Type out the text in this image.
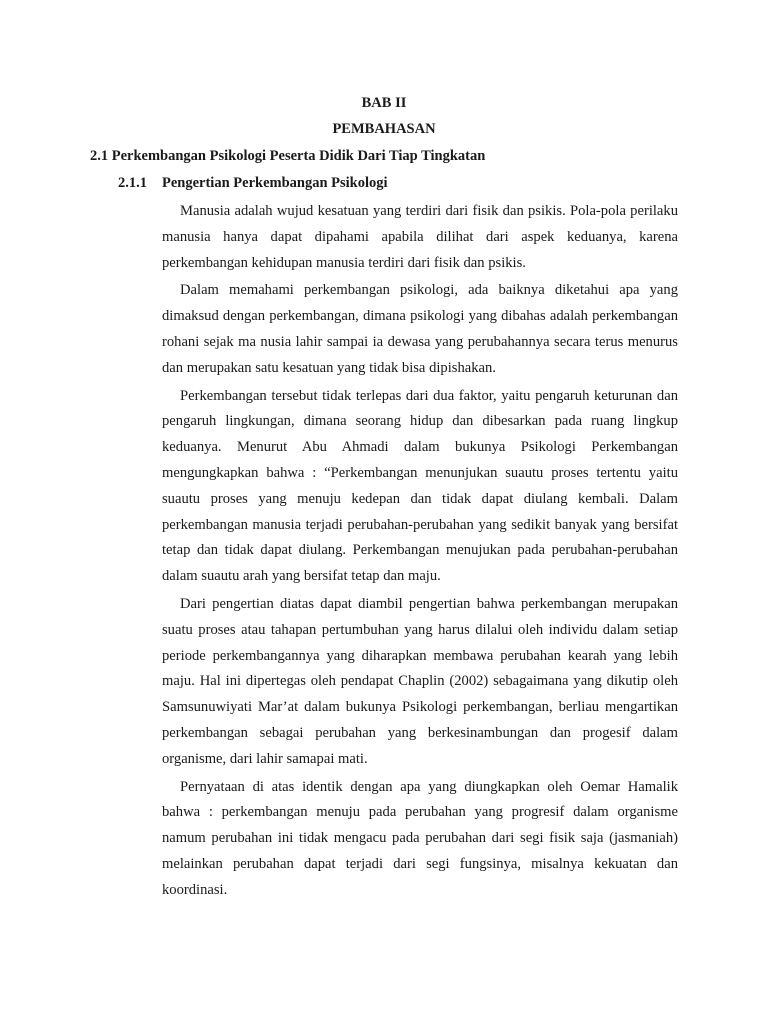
BAB II
PEMBAHASAN
2.1 Perkembangan Psikologi Peserta Didik Dari Tiap Tingkatan
2.1.1 Pengertian Perkembangan Psikologi

Manusia adalah wujud kesatuan yang terdiri dari fisik dan psikis. Pola-pola perilaku manusia hanya dapat dipahami apabila dilihat dari aspek keduanya, karena perkembangan kehidupan manusia terdiri dari fisik dan psikis.

Dalam memahami perkembangan psikologi, ada baiknya diketahui apa yang dimaksud dengan perkembangan, dimana psikologi yang dibahas adalah perkembangan rohani sejak ma nusia lahir sampai ia dewasa yang perubahannya secara terus menurus dan merupakan satu kesatuan yang tidak bisa dipishakan.

Perkembangan tersebut tidak terlepas dari dua faktor, yaitu pengaruh keturunan dan pengaruh lingkungan, dimana seorang hidup dan dibesarkan pada ruang lingkup keduanya. Menurut Abu Ahmadi dalam bukunya Psikologi Perkembangan mengungkapkan bahwa : “Perkembangan menunjukan suautu proses tertentu yaitu suautu proses yang menuju kedepan dan tidak dapat diulang kembali. Dalam perkembangan manusia terjadi perubahan-perubahan yang sedikit banyak yang bersifat tetap dan tidak dapat diulang. Perkembangan menujukan pada perubahan-perubahan dalam suautu arah yang bersifat tetap dan maju.

Dari pengertian diatas dapat diambil pengertian bahwa perkembangan merupakan suatu proses atau tahapan pertumbuhan yang harus dilalui oleh individu dalam setiap periode perkembangannya yang diharapkan membawa perubahan kearah yang lebih maju. Hal ini dipertegas oleh pendapat Chaplin (2002) sebagaimana yang dikutip oleh Samsunuwiyati Mar’at dalam bukunya Psikologi perkembangan, berliau mengartikan perkembangan sebagai perubahan yang berkesinambungan dan progesif dalam organisme, dari lahir samapai mati.

Pernyataan di atas identik dengan apa yang diungkapkan oleh Oemar Hamalik bahwa : perkembangan menuju pada perubahan yang progresif dalam organisme namum perubahan ini tidak mengacu pada perubahan dari segi fisik saja (jasmaniah) melainkan perubahan dapat terjadi dari segi fungsinya, misalnya kekuatan dan koordinasi.
